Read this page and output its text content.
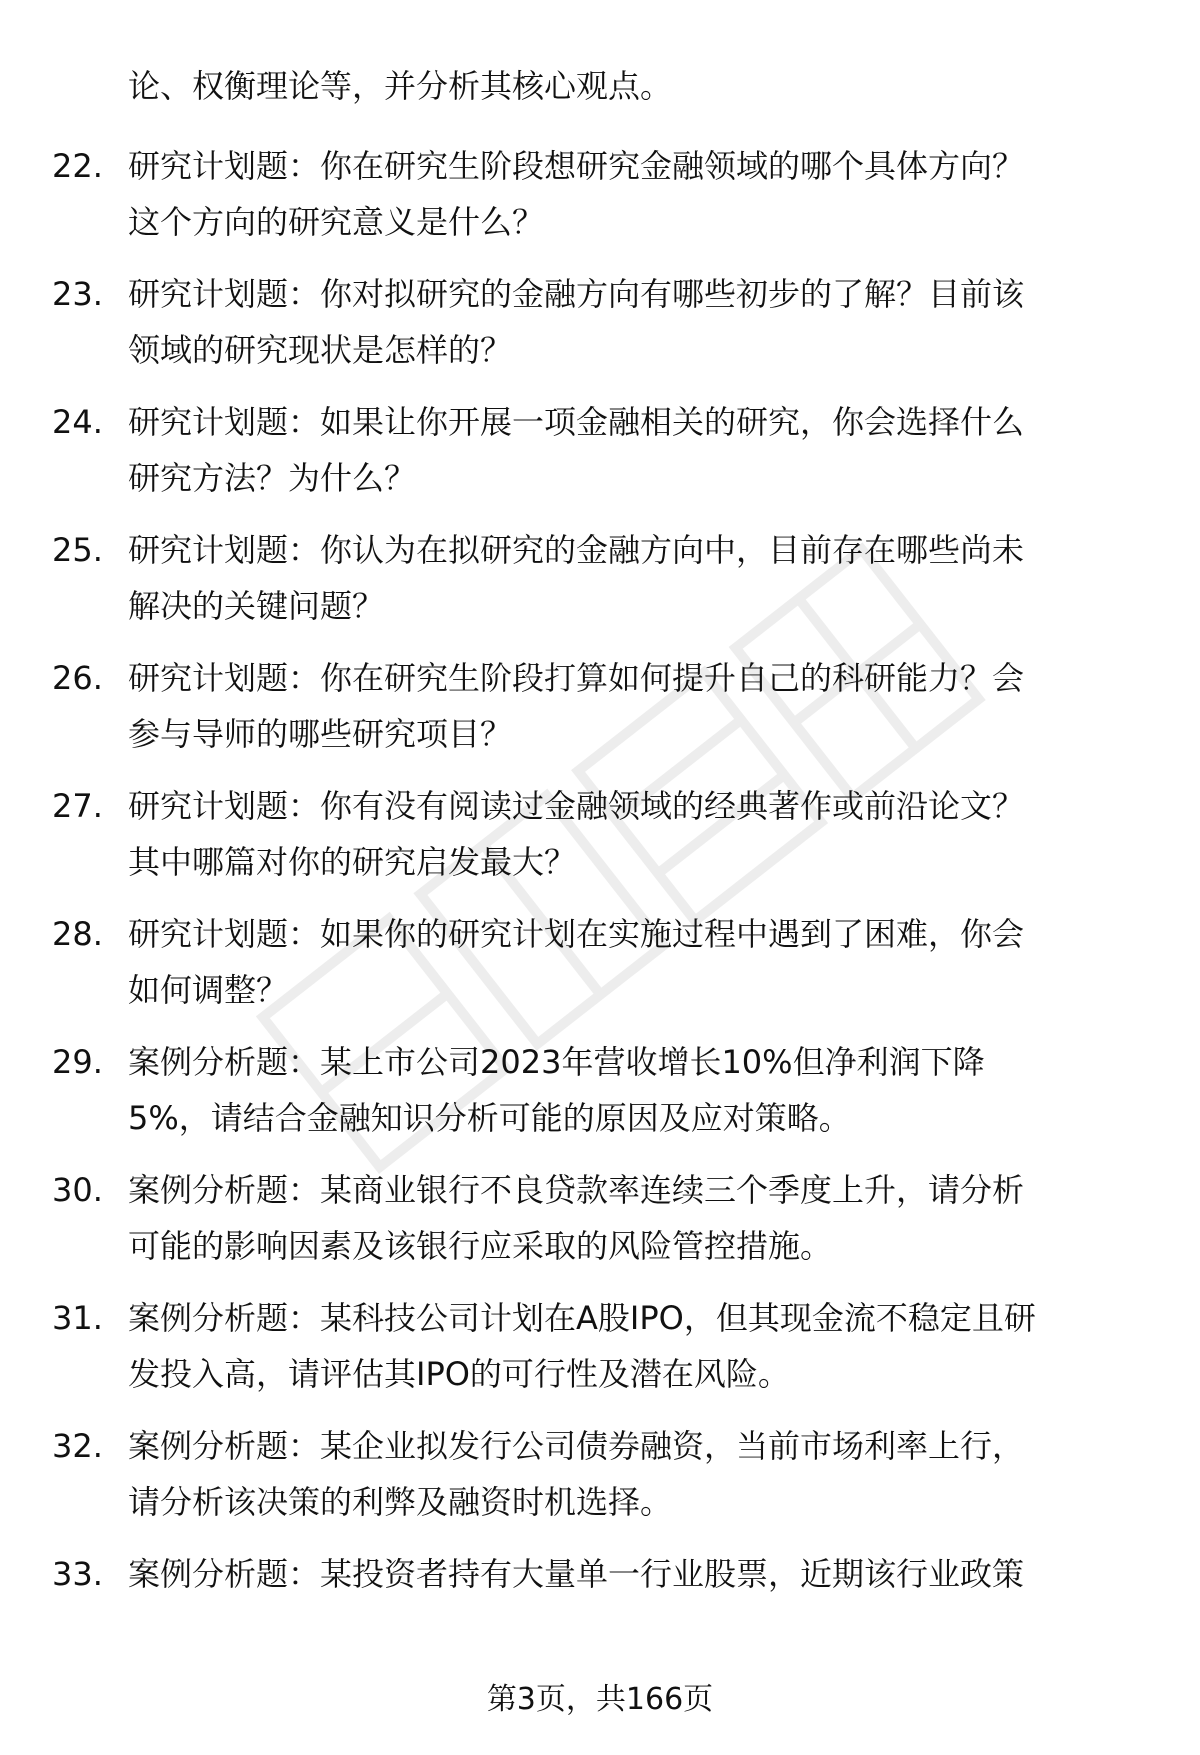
论、权衡理论等，并分析其核心观点。
22. 研究计划题：你在研究生阶段想研究金融领域的哪个具体方向？
这个方向的研究意义是什么？
23. 研究计划题：你对拟研究的金融方向有哪些初步的了解？目前该
领域的研究现状是怎样的？
24. 研究计划题：如果让你开展一项金融相关的研究，你会选择什么
研究方法？为什么？
25. 研究计划题：你认为在拟研究的金融方向中，目前存在哪些尚未
解决的关键问题？
26. 研究计划题：你在研究生阶段打算如何提升自己的科研能力？会
参与导师的哪些研究项目？
27. 研究计划题：你有没有阅读过金融领域的经典著作或前沿论文？
其中哪篇对你的研究启发最大？
28. 研究计划题：如果你的研究计划在实施过程中遇到了困难，你会
如何调整？
29. 案例分析题：某上市公司2023年营收增长10%但净利润下降
5%，请结合金融知识分析可能的原因及应对策略。
30. 案例分析题：某商业银行不良贷款率连续三个季度上升，请分析
可能的影响因素及该银行应采取的风险管控措施。
31. 案例分析题：某科技公司计划在A股IPO，但其现金流不稳定且研
发投入高，请评估其IPO的可行性及潜在风险。
32. 案例分析题：某企业拟发行公司债券融资，当前市场利率上行，
请分析该决策的利弊及融资时机选择。
33. 案例分析题：某投资者持有大量单一行业股票，近期该行业政策
第3页，共166页
